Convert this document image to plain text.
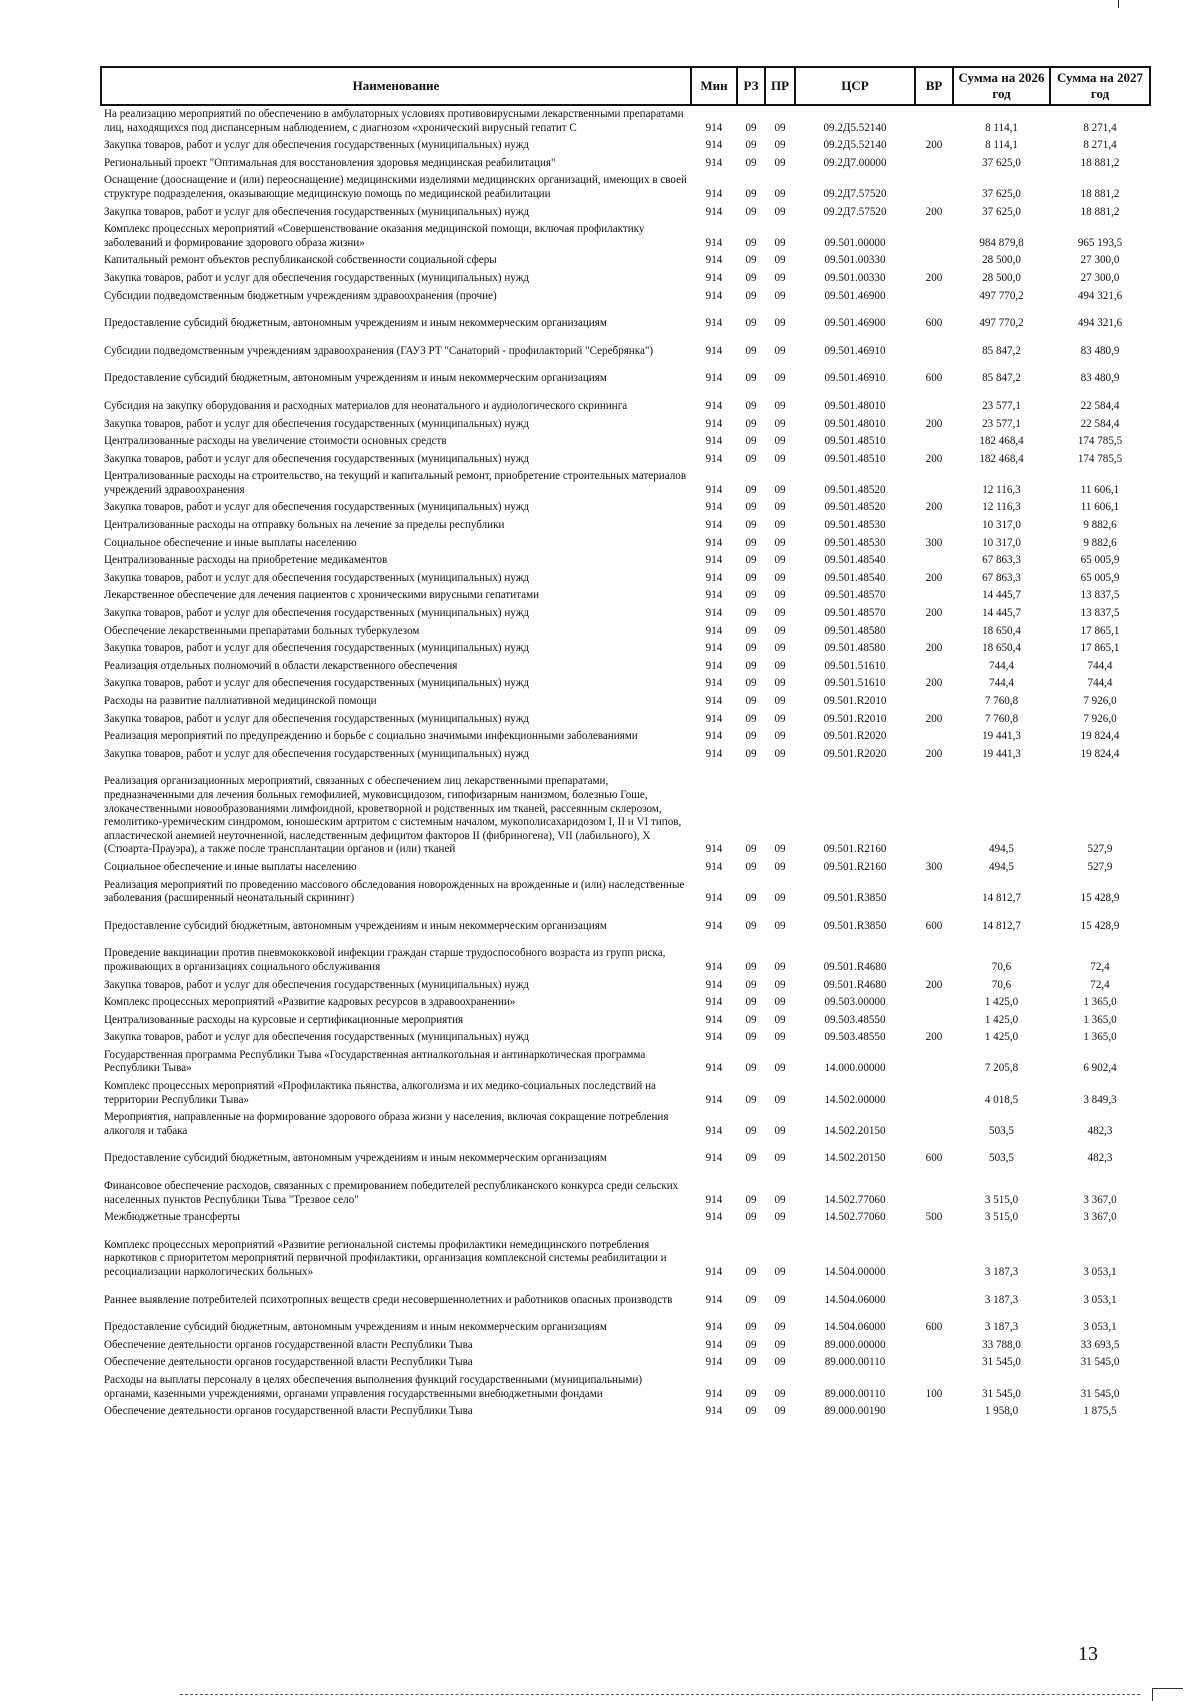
Наименование	Мин	РЗ	ПР	ЦСР	ВР	Сумма на 2026 год	Сумма на 2027 год
На реализацию мероприятий по обеспечению в амбулаторных условиях противовирусными лекарственными препаратами лиц, находящихся под диспансерным наблюдением, с диагнозом «хронический вирусный гепатит С	914	09	09	09.2Д5.52140		8 114,1	8 271,4
Закупка товаров, работ и услуг для обеспечения государственных (муниципальных) нужд	914	09	09	09.2Д5.52140	200	8 114,1	8 271,4
Региональный проект "Оптимальная для восстановления здоровья медицинская реабилитация"	914	09	09	09.2Д7.00000		37 625,0	18 881,2
Оснащение (дооснащение и (или) переоснащение) медицинскими изделиями медицинских организаций, имеющих в своей структуре подразделения, оказывающие медицинскую помощь по медицинской реабилитации	914	09	09	09.2Д7.57520		37 625,0	18 881,2
Закупка товаров, работ и услуг для обеспечения государственных (муниципальных) нужд	914	09	09	09.2Д7.57520	200	37 625,0	18 881,2
Комплекс процессных мероприятий «Совершенствование оказания медицинской помощи, включая профилактику заболеваний и формирование здорового образа жизни»	914	09	09	09.501.00000		984 879,8	965 193,5
Капитальный ремонт объектов республиканской собственности социальной сферы	914	09	09	09.501.00330		28 500,0	27 300,0
Закупка товаров, работ и услуг для обеспечения государственных (муниципальных) нужд	914	09	09	09.501.00330	200	28 500,0	27 300,0
Субсидии подведомственным бюджетным учреждениям здравоохранения (прочие)	914	09	09	09.501.46900		497 770,2	494 321,6
Предоставление субсидий бюджетным, автономным учреждениям и иным некоммерческим организациям	914	09	09	09.501.46900	600	497 770,2	494 321,6
Субсидии подведомственным учреждениям здравоохранения (ГАУЗ РТ "Санаторий - профилакторий "Серебрянка")	914	09	09	09.501.46910		85 847,2	83 480,9
Предоставление субсидий бюджетным, автономным учреждениям и иным некоммерческим организациям	914	09	09	09.501.46910	600	85 847,2	83 480,9
Субсидия на закупку оборудования и расходных материалов для неонатального и аудиологического скрининга	914	09	09	09.501.48010		23 577,1	22 584,4
Закупка товаров, работ и услуг для обеспечения государственных (муниципальных) нужд	914	09	09	09.501.48010	200	23 577,1	22 584,4
Централизованные расходы на увеличение стоимости основных средств	914	09	09	09.501.48510		182 468,4	174 785,5
Закупка товаров, работ и услуг для обеспечения государственных (муниципальных) нужд	914	09	09	09.501.48510	200	182 468,4	174 785,5
Централизованные расходы на строительство, на текущий и капитальный ремонт, приобретение строительных материалов учреждений здравоохранения	914	09	09	09.501.48520		12 116,3	11 606,1
Закупка товаров, работ и услуг для обеспечения государственных (муниципальных) нужд	914	09	09	09.501.48520	200	12 116,3	11 606,1
Централизованные расходы на отправку больных на лечение за пределы республики	914	09	09	09.501.48530		10 317,0	9 882,6
Социальное обеспечение и иные выплаты населению	914	09	09	09.501.48530	300	10 317,0	9 882,6
Централизованные расходы на приобретение медикаментов	914	09	09	09.501.48540		67 863,3	65 005,9
Закупка товаров, работ и услуг для обеспечения государственных (муниципальных) нужд	914	09	09	09.501.48540	200	67 863,3	65 005,9
Лекарственное обеспечение для лечения пациентов с хроническими вирусными гепатитами	914	09	09	09.501.48570		14 445,7	13 837,5
Закупка товаров, работ и услуг для обеспечения государственных (муниципальных) нужд	914	09	09	09.501.48570	200	14 445,7	13 837,5
Обеспечение лекарственными препаратами больных туберкулезом	914	09	09	09.501.48580		18 650,4	17 865,1
Закупка товаров, работ и услуг для обеспечения государственных (муниципальных) нужд	914	09	09	09.501.48580	200	18 650,4	17 865,1
Реализация отдельных полномочий в области лекарственного обеспечения	914	09	09	09.501.51610		744,4	744,4
Закупка товаров, работ и услуг для обеспечения государственных (муниципальных) нужд	914	09	09	09.501.51610	200	744,4	744,4
Расходы на развитие паллиативной медицинской помощи	914	09	09	09.501.R2010		7 760,8	7 926,0
Закупка товаров, работ и услуг для обеспечения государственных (муниципальных) нужд	914	09	09	09.501.R2010	200	7 760,8	7 926,0
Реализация мероприятий по предупреждению и борьбе с социально значимыми инфекционными заболеваниями	914	09	09	09.501.R2020		19 441,3	19 824,4
Закупка товаров, работ и услуг для обеспечения государственных (муниципальных) нужд	914	09	09	09.501.R2020	200	19 441,3	19 824,4
Реализация организационных мероприятий, связанных с обеспечением лиц лекарственными препаратами, предназначенными для лечения больных гемофилией, муковисцидозом, гипофизарным нанизмом, болезнью Гоше, злокачественными новообразованиями лимфоидной, кроветворной и родственных им тканей, рассеянным склерозом, гемолитико-уремическим синдромом, юношеским артритом с системным началом, мукополисахаридозом I, II и VI типов, апластической анемией неуточненной, наследственным дефицитом факторов II (фибриногена), VII (лабильного), X (Стюарта-Прауэра), а также после трансплантации органов и (или) тканей	914	09	09	09.501.R2160		494,5	527,9
Социальное обеспечение и иные выплаты населению	914	09	09	09.501.R2160	300	494,5	527,9
Реализация мероприятий по проведению массового обследования новорожденных на врожденные и (или) наследственные заболевания (расширенный неонатальный скрининг)	914	09	09	09.501.R3850		14 812,7	15 428,9
Предоставление субсидий бюджетным, автономным учреждениям и иным некоммерческим организациям	914	09	09	09.501.R3850	600	14 812,7	15 428,9
Проведение вакцинации против пневмококковой инфекции граждан старше трудоспособного возраста из групп риска, проживающих в организациях социального обслуживания	914	09	09	09.501.R4680		70,6	72,4
Закупка товаров, работ и услуг для обеспечения государственных (муниципальных) нужд	914	09	09	09.501.R4680	200	70,6	72,4
Комплекс процессных мероприятий «Развитие кадровых ресурсов в здравоохранении»	914	09	09	09.503.00000		1 425,0	1 365,0
Централизованные расходы на курсовые и сертификационные мероприятия	914	09	09	09.503.48550		1 425,0	1 365,0
Закупка товаров, работ и услуг для обеспечения государственных (муниципальных) нужд	914	09	09	09.503.48550	200	1 425,0	1 365,0
Государственная программа Республики Тыва «Государственная антиалкогольная и антинаркотическая программа Республики Тыва»	914	09	09	14.000.00000		7 205,8	6 902,4
Комплекс процессных мероприятий «Профилактика пьянства, алкоголизма и их медико-социальных последствий на территории Республики Тыва»	914	09	09	14.502.00000		4 018,5	3 849,3
Мероприятия, направленные на формирование здорового образа жизни у населения, включая сокращение потребления алкоголя и табака	914	09	09	14.502.20150		503,5	482,3
Предоставление субсидий бюджетным, автономным учреждениям и иным некоммерческим организациям	914	09	09	14.502.20150	600	503,5	482,3
Финансовое обеспечение расходов, связанных с премированием победителей республиканского конкурса среди сельских населенных пунктов Республики Тыва "Трезвое село"	914	09	09	14.502.77060		3 515,0	3 367,0
Межбюджетные трансферты	914	09	09	14.502.77060	500	3 515,0	3 367,0
Комплекс процессных мероприятий «Развитие региональной системы профилактики немедицинского потребления наркотиков с приоритетом мероприятий первичной профилактики, организация комплексной системы реабилитации и ресоциализации наркологических больных»	914	09	09	14.504.00000		3 187,3	3 053,1
Раннее выявление потребителей психотропных веществ среди несовершеннолетних и работников опасных производств	914	09	09	14.504.06000		3 187,3	3 053,1
Предоставление субсидий бюджетным, автономным учреждениям и иным некоммерческим организациям	914	09	09	14.504.06000	600	3 187,3	3 053,1
Обеспечение деятельности органов государственной власти Республики Тыва	914	09	09	89.000.00000		33 788,0	33 693,5
Обеспечение деятельности органов государственной власти Республики Тыва	914	09	09	89.000.00110		31 545,0	31 545,0
Расходы на выплаты персоналу в целях обеспечения выполнения функций государственными (муниципальными) органами, казенными учреждениями, органами управления государственными внебюджетными фондами	914	09	09	89.000.00110	100	31 545,0	31 545,0
Обеспечение деятельности органов государственной власти Республики Тыва	914	09	09	89.000.00190		1 958,0	1 875,5
13
